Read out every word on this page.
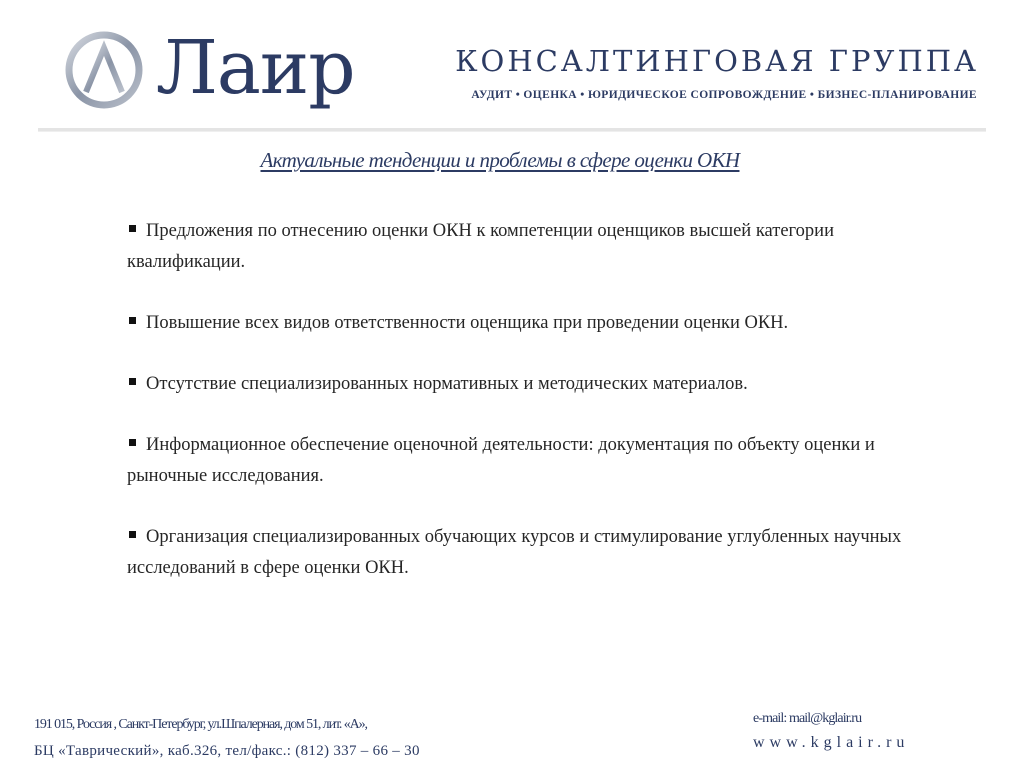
Лаир	КОНСАЛТИНГОВАЯ ГРУППА
АУДИТ • ОЦЕНКА • ЮРИДИЧЕСКОЕ СОПРОВОЖДЕНИЕ • БИЗНЕС-ПЛАНИРОВАНИЕ
Актуальные тенденции и проблемы в сфере оценки ОКН
Предложения по отнесению оценки ОКН к компетенции оценщиков высшей категории квалификации.
Повышение всех видов ответственности оценщика при проведении оценки ОКН.
Отсутствие специализированных нормативных и методических материалов.
Информационное обеспечение оценочной деятельности: документация по объекту оценки и рыночные исследования.
Организация специализированных обучающих курсов и стимулирование углубленных научных исследований в сфере оценки ОКН.
191 015, Россия , Санкт-Петербург, ул.Шпалерная, дом 51, лит. «А»,
БЦ «Таврический», каб.326, тел/факс.: (812) 337 – 66 – 30
e-mail: mail@kglair.ru
www.kglair.ru
